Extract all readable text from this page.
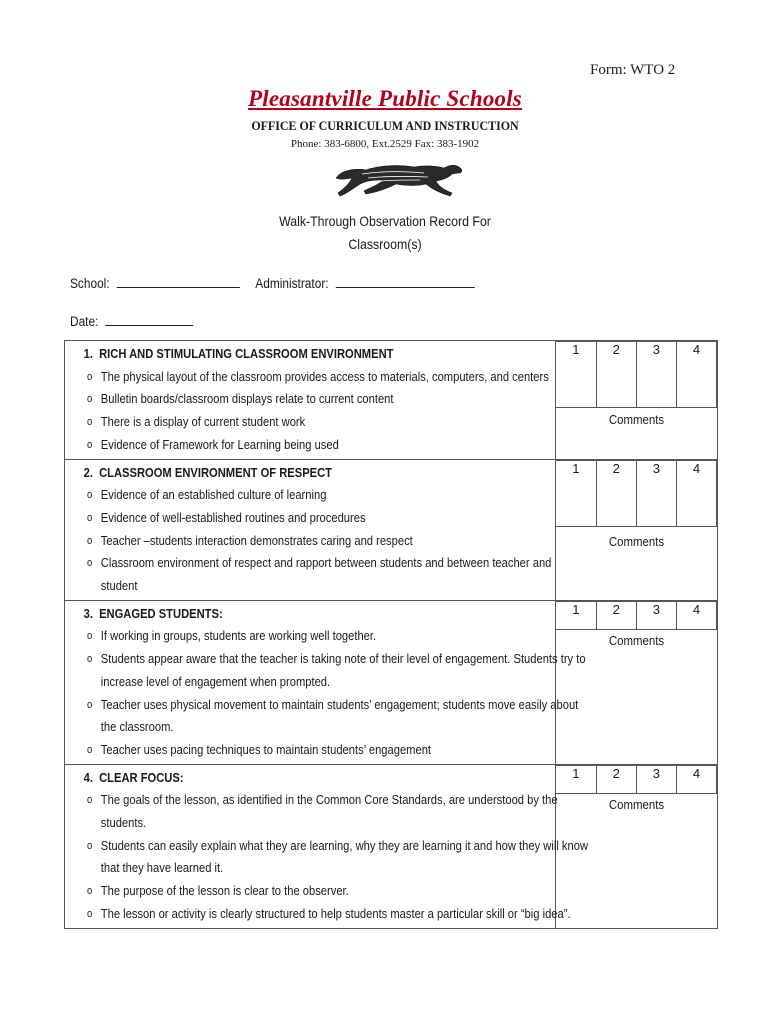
Form: WTO 2
Pleasantville Public Schools
OFFICE OF CURRICULUM AND INSTRUCTION
Phone: 383-6800, Ext.2529 Fax: 383-1902
Walk-Through Observation Record For
Classroom(s)
School:	Administrator:
Date:
1. RICH AND STIMULATING CLASSROOM ENVIRONMENT
o The physical layout of the classroom provides access to materials, computers, and centers
o Bulletin boards/classroom displays relate to current content
o There is a display of current student work
o Evidence of Framework for Learning being used

1	2	3	4
Comments

2. CLASSROOM ENVIRONMENT OF RESPECT
o Evidence of an established culture of learning
o Evidence of well-established routines and procedures
o Teacher –students interaction demonstrates caring and respect
o Classroom environment of respect and rapport between students and between teacher and
student

1	2	3	4
Comments

3. ENGAGED STUDENTS:
o If working in groups, students are working well together.
o Students appear aware that the teacher is taking note of their level of engagement. Students try to
increase level of engagement when prompted.
o Teacher uses physical movement to maintain students’ engagement; students move easily about
the classroom.
o Teacher uses pacing techniques to maintain students’ engagement

1	2	3	4
Comments

4. CLEAR FOCUS:
o The goals of the lesson, as identified in the Common Core Standards, are understood by the
students.
o Students can easily explain what they are learning, why they are learning it and how they will know
that they have learned it.
o The purpose of the lesson is clear to the observer.
o The lesson or activity is clearly structured to help students master a particular skill or “big idea”.

1	2	3	4
Comments
